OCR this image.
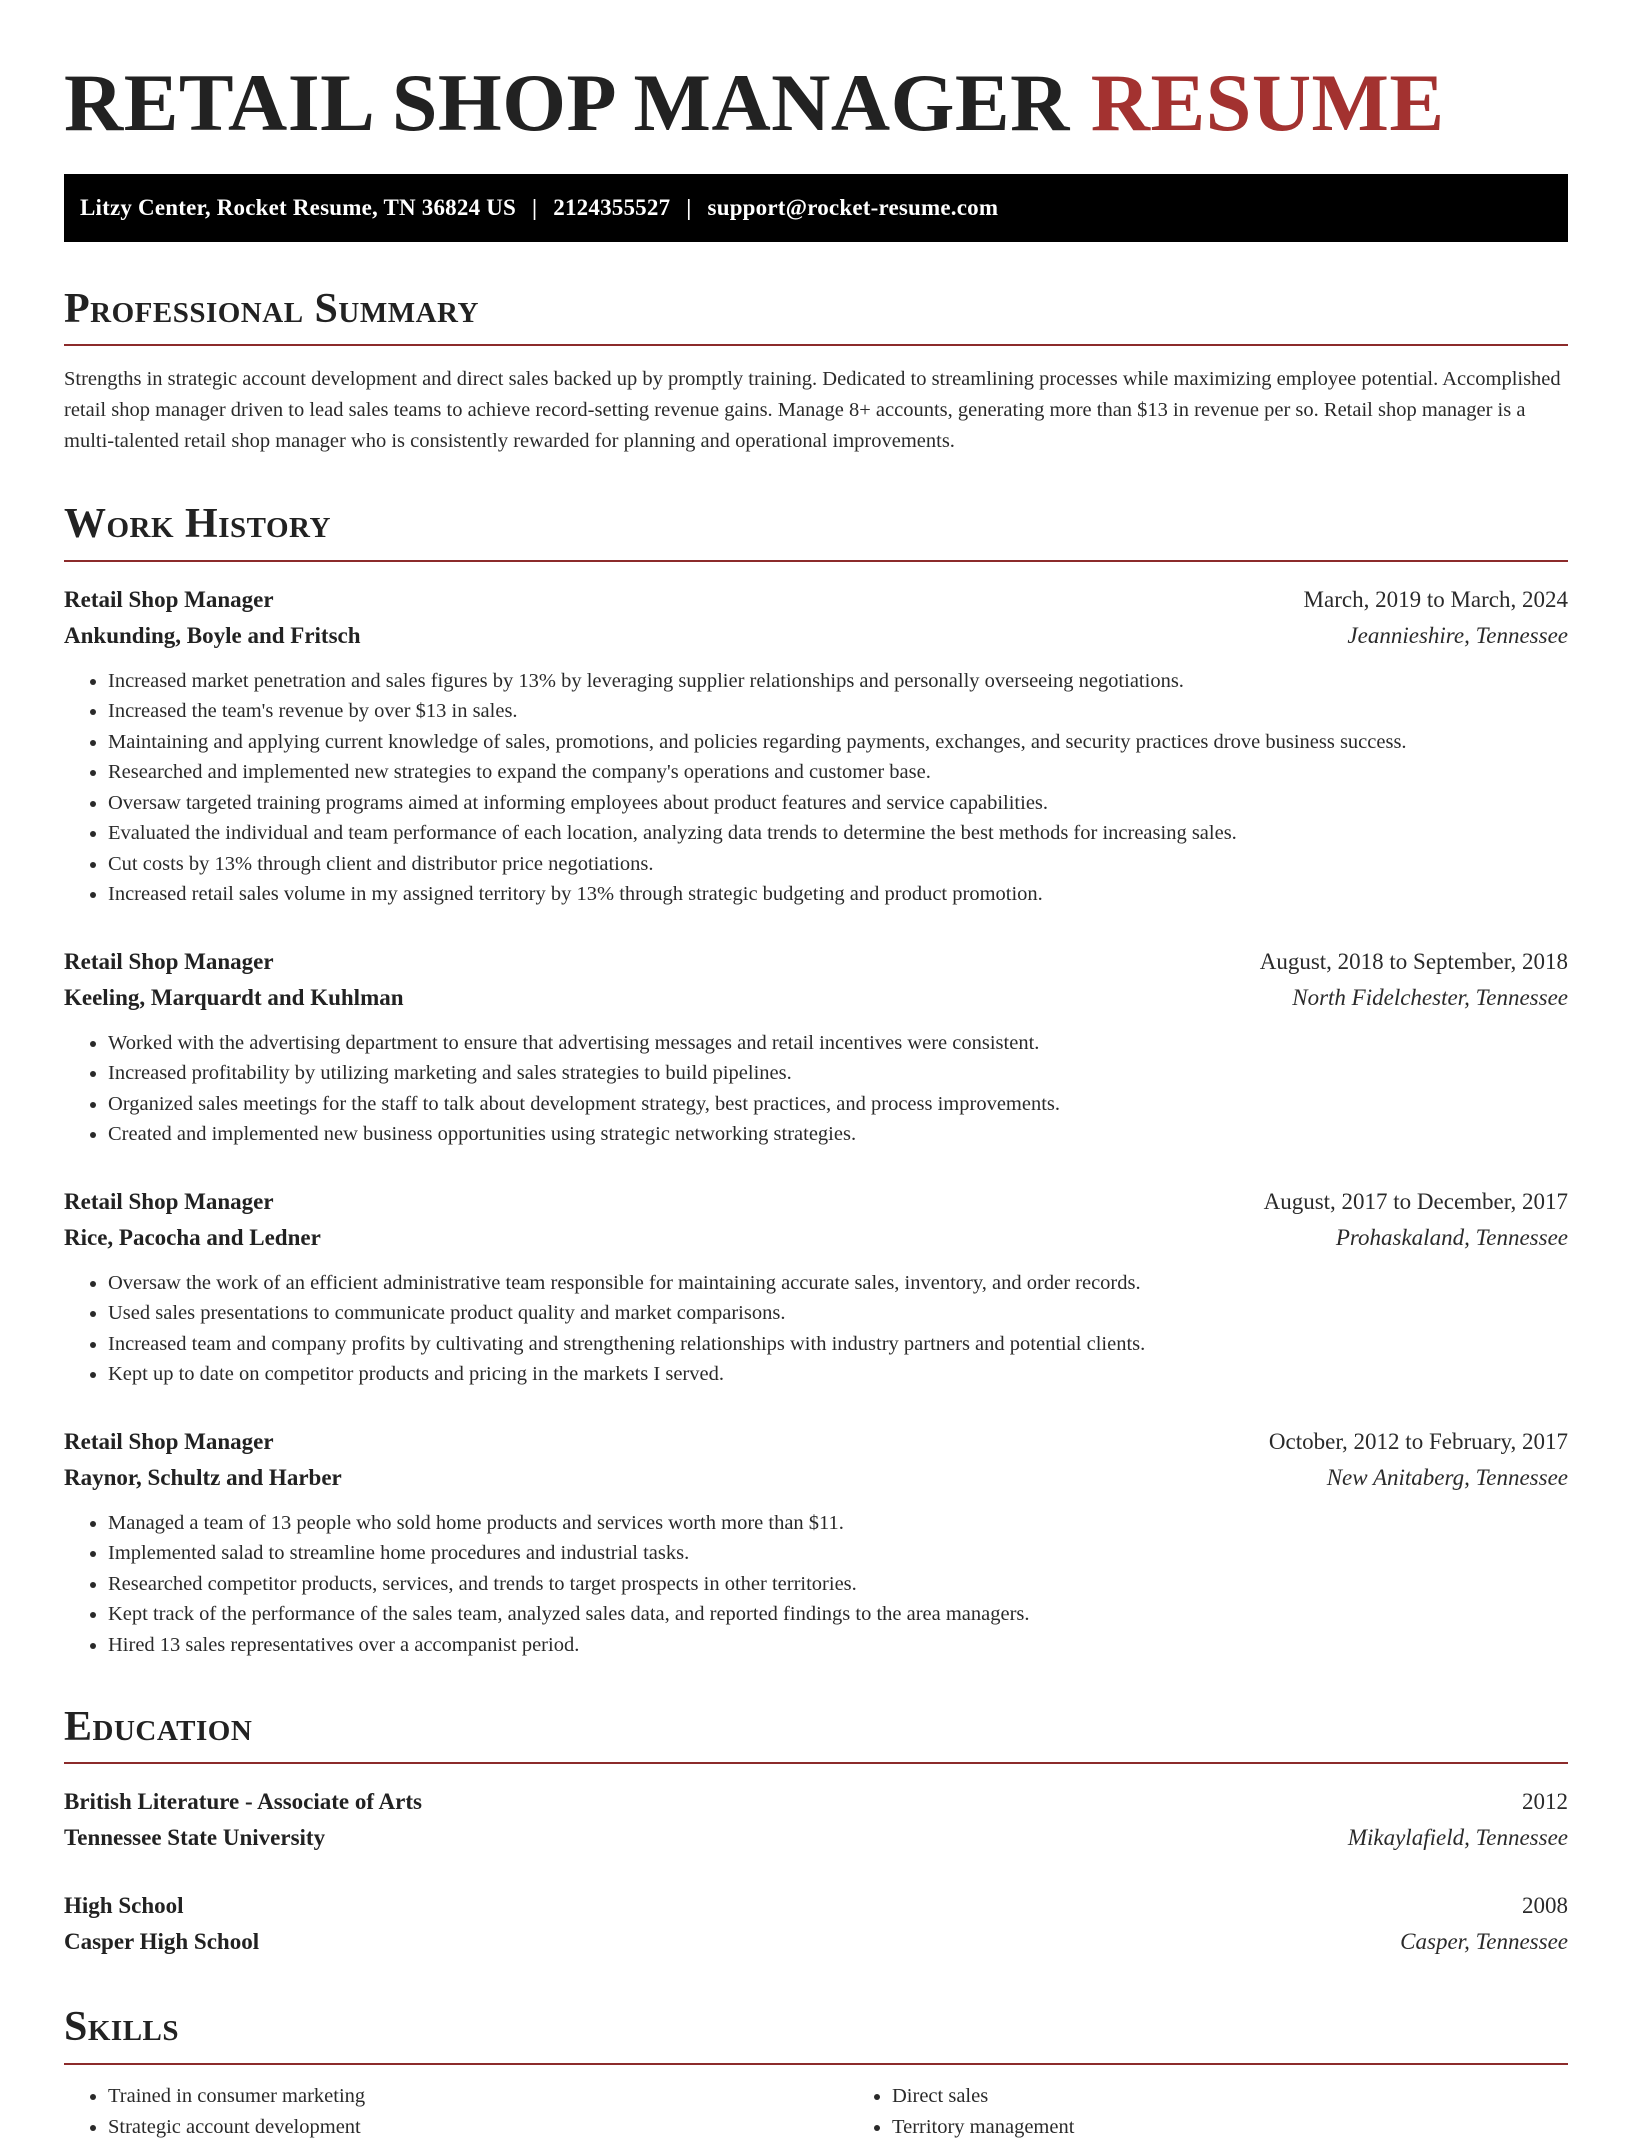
RETAIL SHOP MANAGER RESUME
Litzy Center, Rocket Resume, TN 36824 US | 2124355527 | support@rocket-resume.com
Professional Summary

Strengths in strategic account development and direct sales backed up by promptly training. Dedicated to streamlining processes while maximizing employee potential. Accomplished retail shop manager driven to lead sales teams to achieve record-setting revenue gains. Manage 8+ accounts, generating more than $13 in revenue per so. Retail shop manager is a multi-talented retail shop manager who is consistently rewarded for planning and operational improvements.

Work History
Retail Shop Manager	March, 2019 to March, 2024
Ankunding, Boyle and Fritsch	Jeannieshire, Tennessee
• Increased market penetration and sales figures by 13% by leveraging supplier relationships and personally overseeing negotiations.
• Increased the team's revenue by over $13 in sales.
• Maintaining and applying current knowledge of sales, promotions, and policies regarding payments, exchanges, and security practices drove business success.
• Researched and implemented new strategies to expand the company's operations and customer base.
• Oversaw targeted training programs aimed at informing employees about product features and service capabilities.
• Evaluated the individual and team performance of each location, analyzing data trends to determine the best methods for increasing sales.
• Cut costs by 13% through client and distributor price negotiations.
• Increased retail sales volume in my assigned territory by 13% through strategic budgeting and product promotion.
Retail Shop Manager	August, 2018 to September, 2018
Keeling, Marquardt and Kuhlman	North Fidelchester, Tennessee
• Worked with the advertising department to ensure that advertising messages and retail incentives were consistent.
• Increased profitability by utilizing marketing and sales strategies to build pipelines.
• Organized sales meetings for the staff to talk about development strategy, best practices, and process improvements.
• Created and implemented new business opportunities using strategic networking strategies.
Retail Shop Manager	August, 2017 to December, 2017
Rice, Pacocha and Ledner	Prohaskaland, Tennessee
• Oversaw the work of an efficient administrative team responsible for maintaining accurate sales, inventory, and order records.
• Used sales presentations to communicate product quality and market comparisons.
• Increased team and company profits by cultivating and strengthening relationships with industry partners and potential clients.
• Kept up to date on competitor products and pricing in the markets I served.
Retail Shop Manager	October, 2012 to February, 2017
Raynor, Schultz and Harber	New Anitaberg, Tennessee
• Managed a team of 13 people who sold home products and services worth more than $11.
• Implemented salad to streamline home procedures and industrial tasks.
• Researched competitor products, services, and trends to target prospects in other territories.
• Kept track of the performance of the sales team, analyzed sales data, and reported findings to the area managers.
• Hired 13 sales representatives over a accompanist period.
Education
British Literature - Associate of Arts	2012
Tennessee State University	Mikaylafield, Tennessee
High School	2008
Casper High School	Casper, Tennessee
Skills
• Trained in consumer marketing
• Strategic account development
• Direct sales
• Territory management
